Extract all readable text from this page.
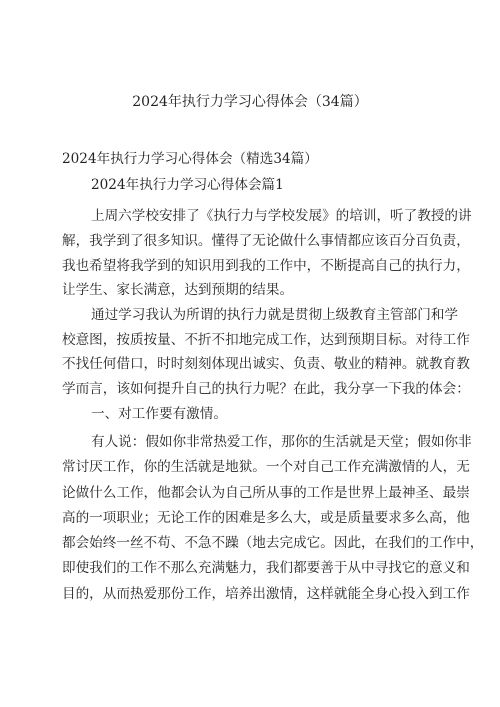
2024年执行力学习心得体会（34篇）
2024年执行力学习心得体会（精选34篇）
2024年执行力学习心得体会篇1
上周六学校安排了《执行力与学校发展》的培训，听了教授的讲
解，我学到了很多知识。懂得了无论做什么事情都应该百分百负责，
我也希望将我学到的知识用到我的工作中，不断提高自己的执行力，
让学生、家长满意，达到预期的结果。
通过学习我认为所谓的执行力就是贯彻上级教育主管部门和学
校意图，按质按量、不折不扣地完成工作，达到预期目标。对待工作
不找任何借口，时时刻刻体现出诚实、负责、敬业的精神。就教育教
学而言，该如何提升自己的执行力呢？在此，我分享一下我的体会：
一、对工作要有激情。
有人说：假如你非常热爱工作，那你的生活就是天堂；假如你非
常讨厌工作，你的生活就是地狱。一个对自己工作充满激情的人，无
论做什么工作，他都会认为自己所从事的工作是世界上最神圣、最崇
高的一项职业；无论工作的困难是多么大，或是质量要求多么高，他
都会始终一丝不苟、不急不躁（地去完成它。因此，在我们的工作中，
即使我们的工作不那么充满魅力，我们都要善于从中寻找它的意义和
目的，从而热爱那份工作，培养出激情，这样就能全身心投入到工作
